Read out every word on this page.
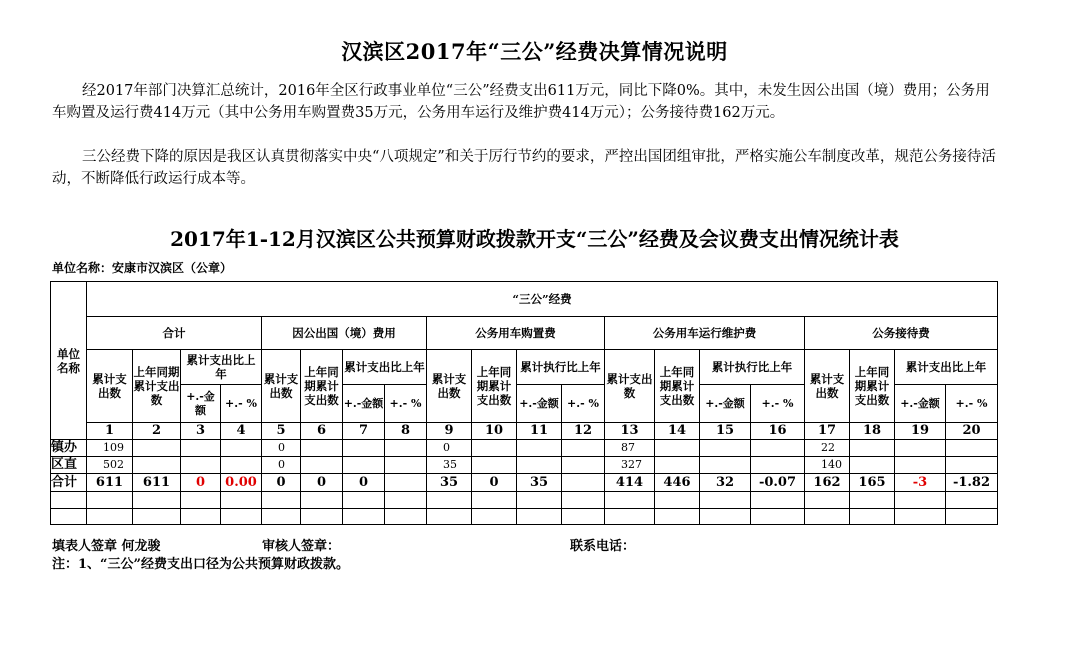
汉滨区2017年“三公”经费决算情况说明
经2017年部门决算汇总统计，2016年全区行政事业单位“三公”经费支出611万元，同比下降0%。其中，未发生因公出国（境）费用；公务用车购置及运行费414万元（其中公务用车购置费35万元，公务用车运行及维护费414万元）；公务接待费162万元。
三公经费下降的原因是我区认真贯彻落实中央“八项规定”和关于厉行节约的要求，严控出国团组审批，严格实施公车制度改革，规范公务接待活动，不断降低行政运行成本等。
2017年1-12月汉滨区公共预算财政拨款开支“三公”经费及会议费支出情况统计表
单位名称：安康市汉滨区（公章）
单位名称	“三公”经费																			
	合计				因公出国（境）费用				公务用车购置费				公务用车运行维护费				公务接待费			
	累计支出数	上年同期累计支出数	累计支出比上年		累计支出数	上年同期累计支出数	累计支出比上年		累计支出数	上年同期累计支出数	累计执行比上年		累计支出数	上年同期累计支出数	累计执行比上年		累计支出数	上年同期累计支出数	累计支出比上年	
			+.-金额	+.- %			+.-金额	+.- %			+.-金额	+.- %			+.-金额	+.- %			+.-金额	+.- %
	1	2	3	4	5	6	7	8	9	10	11	12	13	14	15	16	17	18	19	20
镇办	109				0				0				87				22			
区直	502				0				35				327				140			
合计	611	611	0	0.00	0	0	0		35	0	35		414	446	32	-0.07	162	165	-3	-1.82

填表人签章 何龙骏	审核人签章：	联系电话：
注：1、“三公”经费支出口径为公共预算财政拨款。
